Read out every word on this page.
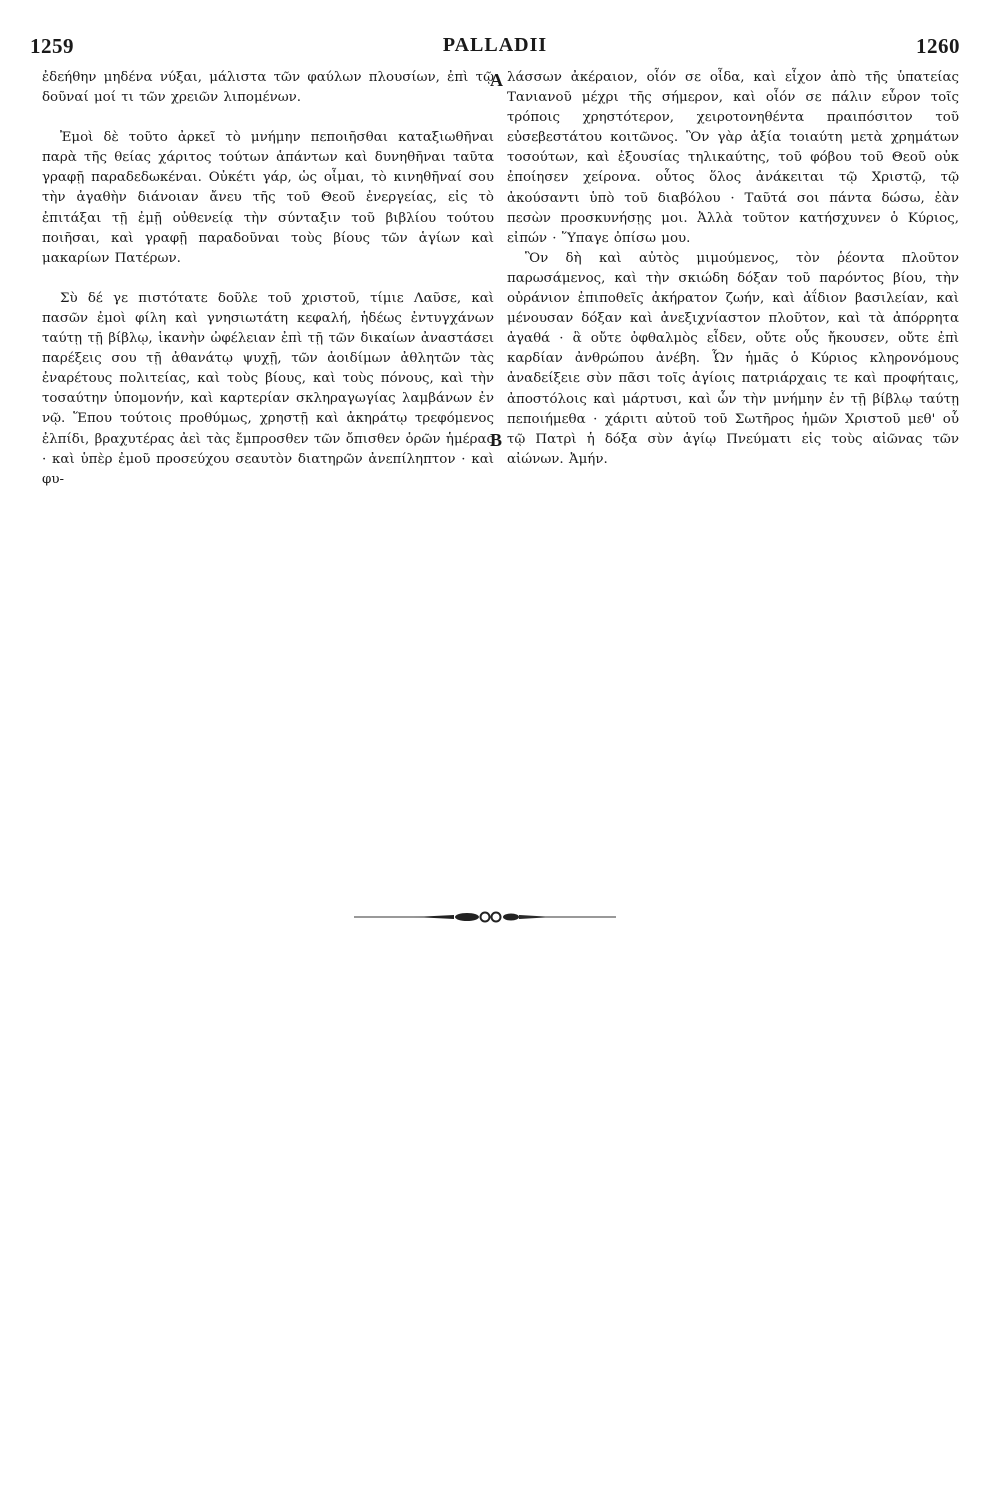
1259	PALLADII	1260

ἐδεήθην μηδένα νύξαι, μάλιστα τῶν φαύλων πλουσίων, ἐπὶ τῷ δοῦναί μοί τι τῶν χρειῶν λιπομένων.

Ἐμοὶ δὲ τοῦτο ἀρκεῖ τὸ μνήμην πεποιῆσθαι καταξιωθῆναι παρὰ τῆς θείας χάριτος τούτων ἁπάντων καὶ δυνηθῆναι ταῦτα γραφῇ παραδεδωκέναι. Οὐκέτι γάρ, ὡς οἶμαι, τὸ κινηθῆναί σου τὴν ἀγαθὴν διάνοιαν ἄνευ τῆς τοῦ Θεοῦ ἐνεργείας, εἰς τὸ ἐπιτάξαι τῇ ἐμῇ οὐθενείᾳ τὴν σύνταξιν τοῦ βιβλίου τούτου ποιῆσαι, καὶ γραφῇ παραδοῦναι τοὺς βίους τῶν ἁγίων καὶ μακαρίων Πατέρων.

Σὺ δέ γε πιστότατε δοῦλε τοῦ χριστοῦ, τίμιε Λαῦσε, καὶ πασῶν ἐμοὶ φίλη καὶ γνησιωτάτη κεφαλή, ἡδέως ἐντυγχάνων ταύτῃ τῇ βίβλῳ, ἱκανὴν ὠφέλειαν ἐπὶ τῇ τῶν δικαίων ἀναστάσει παρέξεις σου τῇ ἀθανάτῳ ψυχῇ, τῶν ἀοιδίμων ἀθλητῶν τὰς ἐναρέτους πολιτείας, καὶ τοὺς βίους, καὶ τοὺς πόνους, καὶ τὴν τοσαύτην ὑπομονήν, καὶ καρτερίαν σκληραγωγίας λαμβάνων ἐν νῷ. Ἕπου τούτοις προθύμως, χρηστῇ καὶ ἀκηράτῳ τρεφόμενος ἐλπίδι, βραχυτέρας ἀεὶ τὰς ἔμπροσθεν τῶν ὄπισθεν ὁρῶν ἡμέρας · καὶ ὑπὲρ ἐμοῦ προσεύχου σεαυτὸν διατηρῶν ἀνεπίληπτον · καὶ φυ-

A
B

λάσσων ἀκέραιον, οἷόν σε οἶδα, καὶ εἶχον ἀπὸ τῆς ὑπατείας Τανιανοῦ μέχρι τῆς σήμερον, καὶ οἷόν σε πάλιν εὗρον τοῖς τρόποις χρηστότερον, χειροτονηθέντα πραιπόσιτον τοῦ εὐσεβεστάτου κοιτῶνος. Ὃν γὰρ ἀξία τοιαύτη μετὰ χρημάτων τοσούτων, καὶ ἐξουσίας τηλικαύτης, τοῦ φόβου τοῦ Θεοῦ οὐκ ἐποίησεν χείρονα. οὗτος ὅλος ἀνάκειται τῷ Χριστῷ, τῷ ἀκούσαντι ὑπὸ τοῦ διαβόλου · Ταῦτά σοι πάντα δώσω, ἐὰν πεσὼν προσκυνήσῃς μοι. Ἀλλὰ τοῦτον κατήσχυνεν ὁ Κύριος, εἰπών · Ὕπαγε ὀπίσω μου.

Ὃν δὴ καὶ αὐτὸς μιμούμενος, τὸν ῥέοντα πλοῦτον παρωσάμενος, καὶ τὴν σκιώδη δόξαν τοῦ παρόντος βίου, τὴν οὐράνιον ἐπιποθεῖς ἀκήρατον ζωήν, καὶ ἀΐδιον βασιλείαν, καὶ μένουσαν δόξαν καὶ ἀνεξιχνίαστον πλοῦτον, καὶ τὰ ἀπόρρητα ἀγαθά · ἃ οὔτε ὀφθαλμὸς εἶδεν, οὔτε οὖς ἤκουσεν, οὔτε ἐπὶ καρδίαν ἀνθρώπου ἀνέβη. Ὧν ἡμᾶς ὁ Κύριος κληρονόμους ἀναδείξειε σὺν πᾶσι τοῖς ἁγίοις πατριάρχαις τε καὶ προφήταις, ἀποστόλοις καὶ μάρτυσι, καὶ ὧν τὴν μνήμην ἐν τῇ βίβλῳ ταύτῃ πεποιήμεθα · χάριτι αὐτοῦ τοῦ Σωτῆρος ἡμῶν Χριστοῦ μεθ' οὗ τῷ Πατρὶ ἡ δόξα σὺν ἁγίῳ Πνεύματι εἰς τοὺς αἰῶνας τῶν αἰώνων. Ἀμήν.
